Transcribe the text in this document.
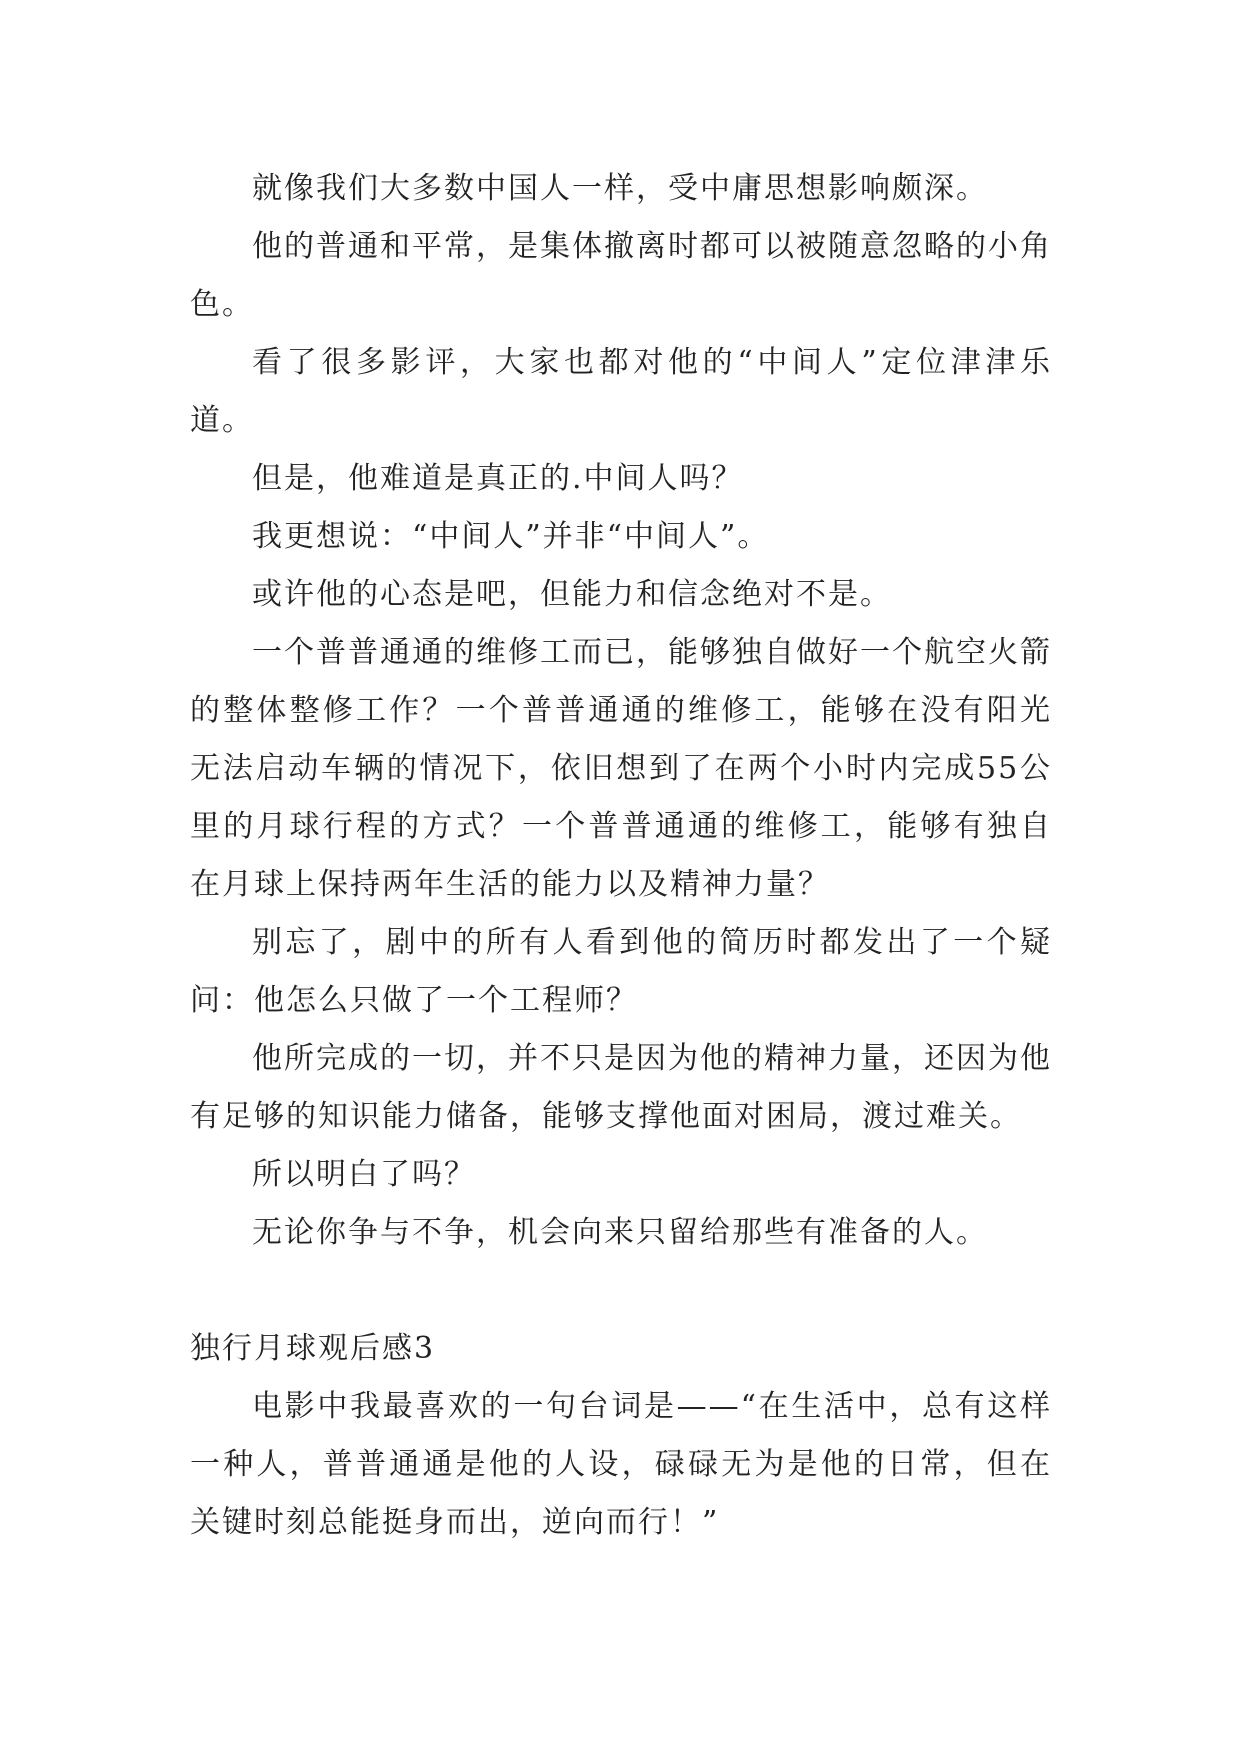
就像我们大多数中国人一样，受中庸思想影响颇深。

他的普通和平常，是集体撤离时都可以被随意忽略的小角色。

看了很多影评，大家也都对他的“中间人”定位津津乐道。

但是，他难道是真正的.中间人吗？

我更想说：“中间人”并非“中间人”。

或许他的心态是吧，但能力和信念绝对不是。

一个普普通通的维修工而已，能够独自做好一个航空火箭的整体整修工作？一个普普通通的维修工，能够在没有阳光无法启动车辆的情况下，依旧想到了在两个小时内完成55公里的月球行程的方式？一个普普通通的维修工，能够有独自在月球上保持两年生活的能力以及精神力量？

别忘了，剧中的所有人看到他的简历时都发出了一个疑问：他怎么只做了一个工程师？

他所完成的一切，并不只是因为他的精神力量，还因为他有足够的知识能力储备，能够支撑他面对困局，渡过难关。

所以明白了吗？

无论你争与不争，机会向来只留给那些有准备的人。

独行月球观后感3

电影中我最喜欢的一句台词是——“在生活中，总有这样一种人，普普通通是他的人设，碌碌无为是他的日常，但在关键时刻总能挺身而出，逆向而行！”
